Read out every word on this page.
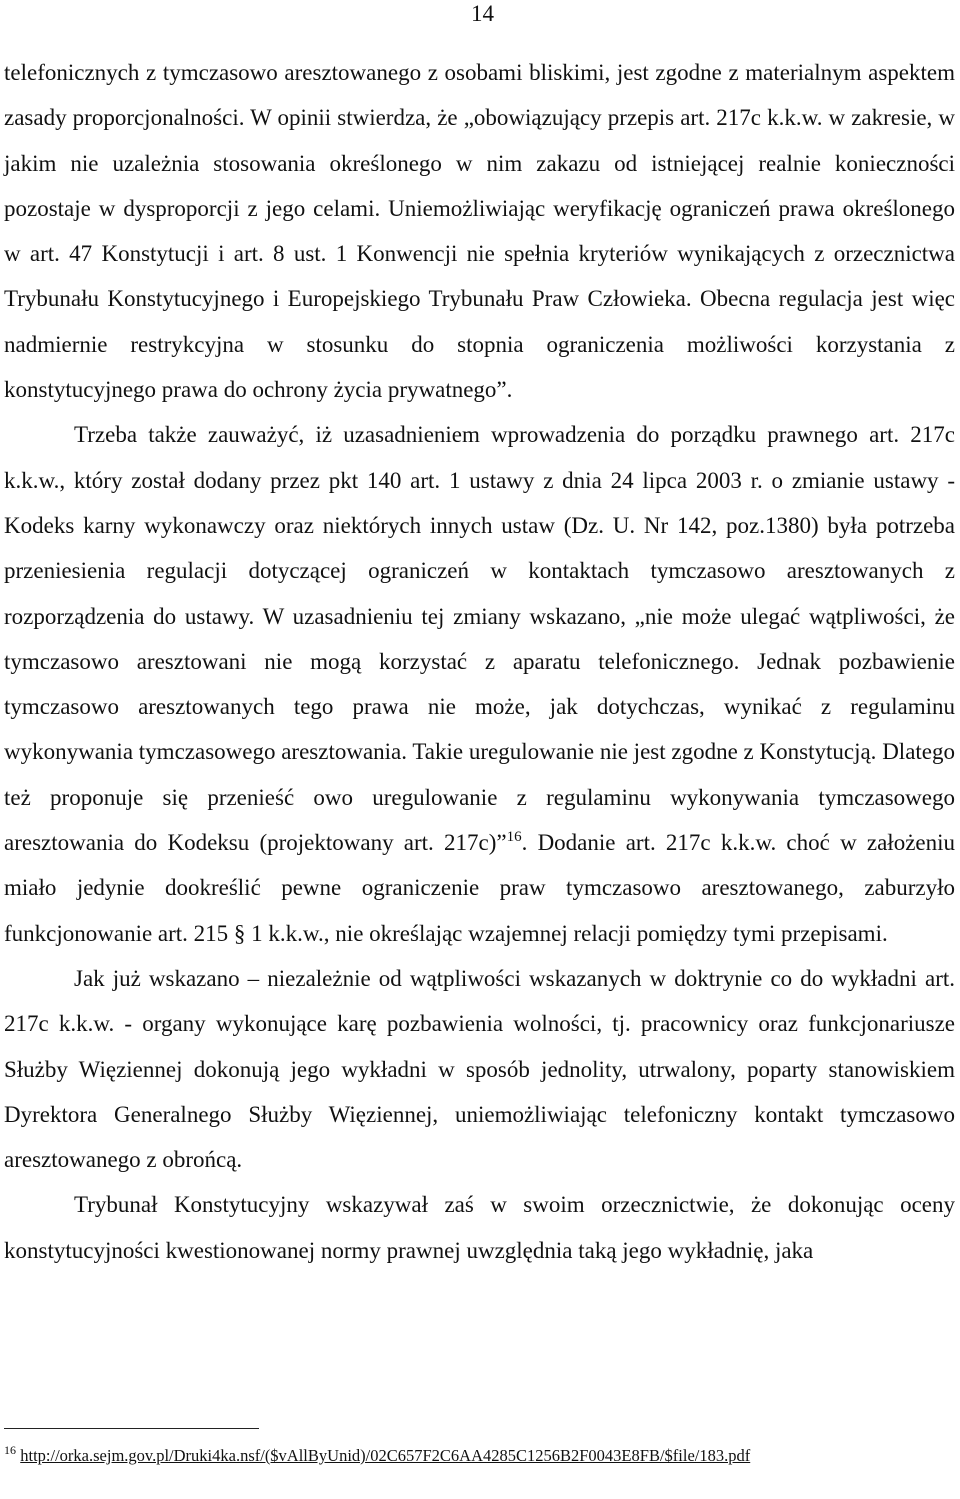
14

telefonicznych z tymczasowo aresztowanego z osobami bliskimi, jest zgodne z materialnym aspektem zasady proporcjonalności. W opinii stwierdza, że „obowiązujący przepis art. 217c k.k.w. w zakresie, w jakim nie uzależnia stosowania określonego w nim zakazu od istniejącej realnie konieczności pozostaje w dysproporcji z jego celami. Uniemożliwiając weryfikację ograniczeń prawa określonego w art. 47 Konstytucji i art. 8 ust. 1 Konwencji nie spełnia kryteriów wynikających z orzecznictwa Trybunału Konstytucyjnego i Europejskiego Trybunału Praw Człowieka. Obecna regulacja jest więc nadmiernie restrykcyjna w stosunku do stopnia ograniczenia możliwości korzystania z konstytucyjnego prawa do ochrony życia prywatnego”.

Trzeba także zauważyć, iż uzasadnieniem wprowadzenia do porządku prawnego art. 217c k.k.w., który został dodany przez pkt 140 art. 1 ustawy z dnia 24 lipca 2003 r. o zmianie ustawy - Kodeks karny wykonawczy oraz niektórych innych ustaw (Dz. U. Nr 142, poz.1380) była potrzeba przeniesienia regulacji dotyczącej ograniczeń w kontaktach tymczasowo aresztowanych z rozporządzenia do ustawy. W uzasadnieniu tej zmiany wskazano, „nie może ulegać wątpliwości, że tymczasowo aresztowani nie mogą korzystać z aparatu telefonicznego. Jednak pozbawienie tymczasowo aresztowanych tego prawa nie może, jak dotychczas, wynikać z regulaminu wykonywania tymczasowego aresztowania. Takie uregulowanie nie jest zgodne z Konstytucją. Dlatego też proponuje się przenieść owo uregulowanie z regulaminu wykonywania tymczasowego aresztowania do Kodeksu (projektowany art. 217c)”$^{16}$. Dodanie art. 217c k.k.w. choć w założeniu miało jedynie dookreślić pewne ograniczenie praw tymczasowo aresztowanego, zaburzyło funkcjonowanie art. 215 § 1 k.k.w., nie określając wzajemnej relacji pomiędzy tymi przepisami.

Jak już wskazano – niezależnie od wątpliwości wskazanych w doktrynie co do wykładni art. 217c k.k.w. - organy wykonujące karę pozbawienia wolności, tj. pracownicy oraz funkcjonariusze Służby Więziennej dokonują jego wykładni w sposób jednolity, utrwalony, poparty stanowiskiem Dyrektora Generalnego Służby Więziennej, uniemożliwiając telefoniczny kontakt tymczasowo aresztowanego z obrońcą.

Trybunał Konstytucyjny wskazywał zaś w swoim orzecznictwie, że dokonując oceny konstytucyjności kwestionowanej normy prawnej uwzględnia taką jego wykładnię, jaka

$^{16}$ http://orka.sejm.gov.pl/Druki4ka.nsf/($vAllByUnid)/02C657F2C6AA4285C1256B2F0043E8FB/$file/183.pdf
